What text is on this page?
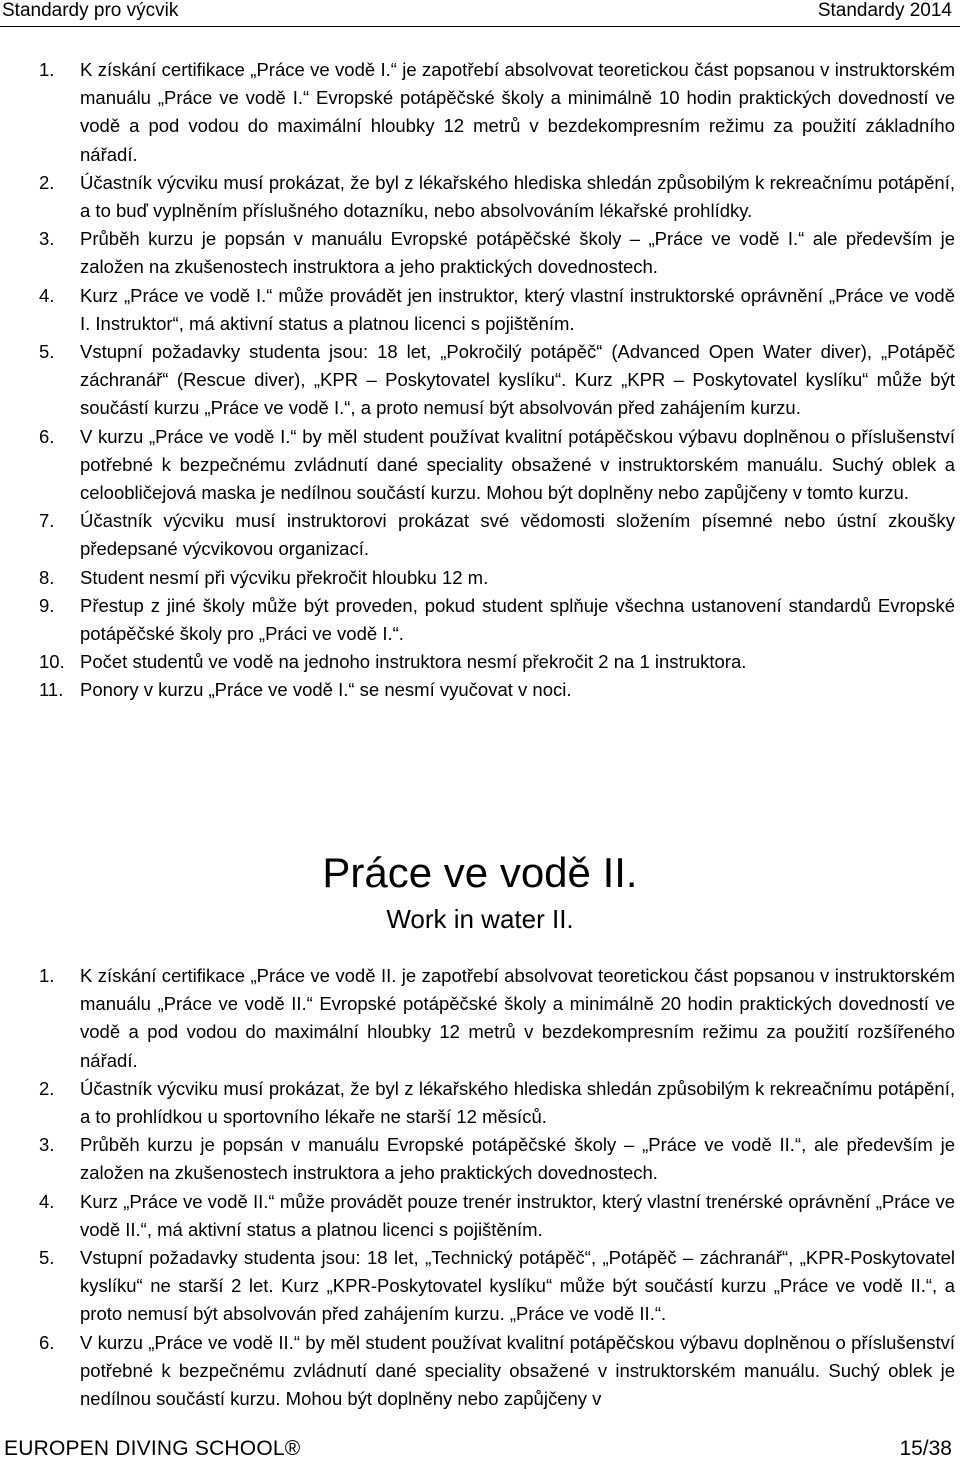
Standardy pro výcvik	Standardy 2014
1. K získání certifikace „Práce ve vodě I.“ je zapotřebí absolvovat teoretickou část popsanou v instruktorském manuálu „Práce ve vodě I.“ Evropské potápěčské školy a minimálně 10 hodin praktických dovedností ve vodě a pod vodou do maximální hloubky 12 metrů v bezdekompresním režimu za použití základního nářadí.
2. Účastník výcviku musí prokázat, že byl z lékařského hlediska shledán způsobilým k rekreačnímu potápění, a to buď vyplněním příslušného dotazníku, nebo absolvováním lékařské prohlídky.
3. Průběh kurzu je popsán v manuálu Evropské potápěčské školy – „Práce ve vodě I.“ ale především je založen na zkušenostech instruktora a jeho praktických dovednostech.
4. Kurz „Práce ve vodě I.“ může provádět jen instruktor, který vlastní instruktorské oprávnění „Práce ve vodě I. Instruktor“, má aktivní status a platnou licenci s pojištěním.
5. Vstupní požadavky studenta jsou: 18 let, „Pokročilý potápěč“ (Advanced Open Water diver), „Potápěč záchranář“ (Rescue diver), „KPR – Poskytovatel kyslíku“. Kurz „KPR – Poskytovatel kyslíku“ může být součástí kurzu „Práce ve vodě I.“, a proto nemusí být absolvován před zahájením kurzu.
6. V kurzu „Práce ve vodě I.“ by měl student používat kvalitní potápěčskou výbavu doplněnou o příslušenství potřebné k bezpečnému zvládnutí dané speciality obsažené v instruktorském manuálu. Suchý oblek a celoobličejová maska je nedílnou součástí kurzu. Mohou být doplněny nebo zapůjčeny v tomto kurzu.
7. Účastník výcviku musí instruktorovi prokázat své vědomosti složením písemné nebo ústní zkoušky předepsané výcvikovou organizací.
8. Student nesmí při výcviku překročit hloubku 12 m.
9. Přestup z jiné školy může být proveden, pokud student splňuje všechna ustanovení standardů Evropské potápěčské školy pro „Práci ve vodě I.“.
10. Počet studentů ve vodě na jednoho instruktora nesmí překročit 2 na 1 instruktora.
11. Ponory v kurzu „Práce ve vodě I.“ se nesmí vyučovat v noci.
Práce ve vodě II.
Work in water II.
1. K získání certifikace „Práce ve vodě II. je zapotřebí absolvovat teoretickou část popsanou v instruktorském manuálu „Práce ve vodě II.“ Evropské potápěčské školy a minimálně 20 hodin praktických dovedností ve vodě a pod vodou do maximální hloubky 12 metrů v bezdekompresním režimu za použití rozšířeného nářadí.
2. Účastník výcviku musí prokázat, že byl z lékařského hlediska shledán způsobilým k rekreačnímu potápění, a to prohlídkou u sportovního lékaře ne starší 12 měsíců.
3. Průběh kurzu je popsán v manuálu Evropské potápěčské školy – „Práce ve vodě II.“, ale především je založen na zkušenostech instruktora a jeho praktických dovednostech.
4. Kurz „Práce ve vodě II.“ může provádět pouze trenér instruktor, který vlastní trenérské oprávnění „Práce ve vodě II.“, má aktivní status a platnou licenci s pojištěním.
5. Vstupní požadavky studenta jsou: 18 let, „Technický potápěč“, „Potápěč – záchranář“, „KPR-Poskytovatel kyslíku“ ne starší 2 let. Kurz „KPR-Poskytovatel kyslíku“ může být součástí kurzu „Práce ve vodě II.“, a proto nemusí být absolvován před zahájením kurzu. „Práce ve vodě II.“.
6. V kurzu „Práce ve vodě II.“ by měl student používat kvalitní potápěčskou výbavu doplněnou o příslušenství potřebné k bezpečnému zvládnutí dané speciality obsažené v instruktorském manuálu. Suchý oblek je nedílnou součástí kurzu. Mohou být doplněny nebo zapůjčeny v
EUROPEN DIVING SCHOOL®	15/38
